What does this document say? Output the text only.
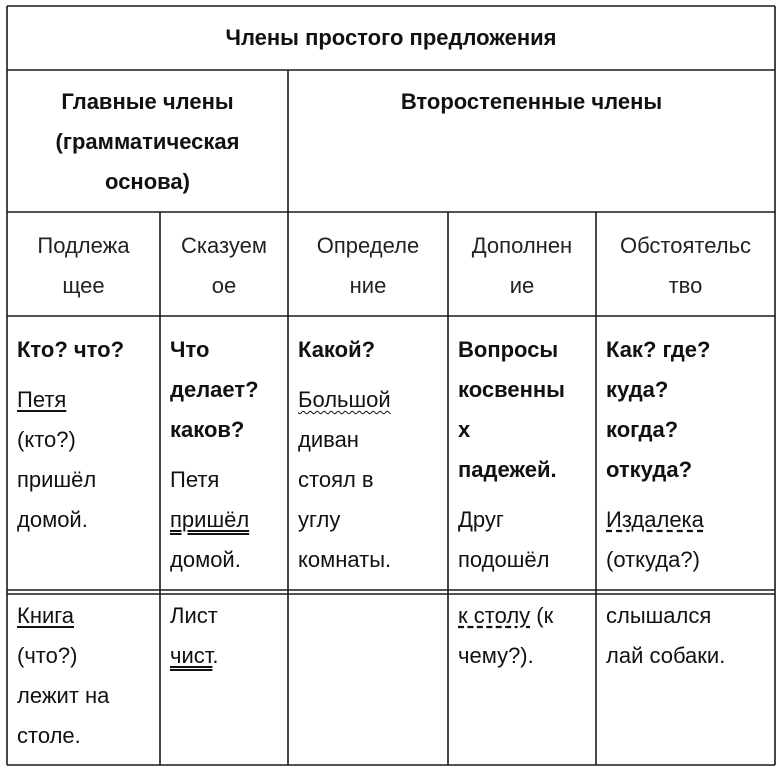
Члены простого предложения
Главные члены
(грамматическая
основа)
Второстепенные члены
Подлежа
щее
Сказуем
ое
Определе
ние
Дополнен
ие
Обстоятельс
тво
Кто? что?
Петя
(кто?)
пришёл
домой.
Что
делает?
каков?
Петя
пришёл
домой.
Какой?
Большой
диван
стоял в
углу
комнаты.
Вопросы
косвенны
х
падежей.
Друг
подошёл
Как? где?
куда?
когда?
откуда?
Издалека
(откуда?)
Книга
(что?)
лежит на
столе.
Лист
чист.
к столу (к
чему?).
слышался
лай собаки.
